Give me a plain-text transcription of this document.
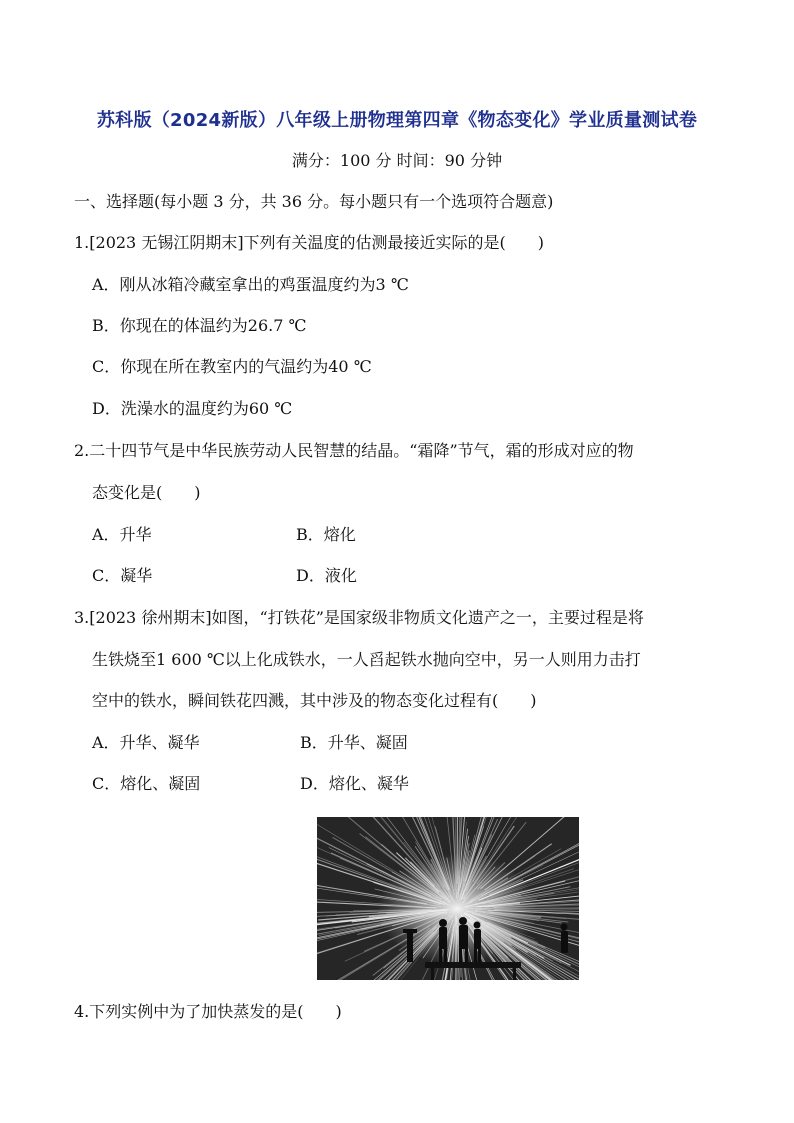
苏科版（2024新版）八年级上册物理第四章《物态变化》学业质量测试卷
满分：100 分 时间：90 分钟
一、选择题(每小题 3 分，共 36 分。每小题只有一个选项符合题意)
1.[2023 无锡江阴期末]下列有关温度的估测最接近实际的是(　　)
A．刚从冰箱冷藏室拿出的鸡蛋温度约为3 ℃
B．你现在的体温约为26.7 ℃
C．你现在所在教室内的气温约为40 ℃
D．洗澡水的温度约为60 ℃
2.二十四节气是中华民族劳动人民智慧的结晶。“霜降”节气，霜的形成对应的物
态变化是(　　)
A．升华	B．熔化
C．凝华	D．液化
3.[2023 徐州期末]如图，“打铁花”是国家级非物质文化遗产之一，主要过程是将
生铁烧至1 600 ℃以上化成铁水，一人舀起铁水抛向空中，另一人则用力击打
空中的铁水，瞬间铁花四溅，其中涉及的物态变化过程有(　　)
A．升华、凝华	B．升华、凝固
C．熔化、凝固	D．熔化、凝华
4.下列实例中为了加快蒸发的是(　　)
